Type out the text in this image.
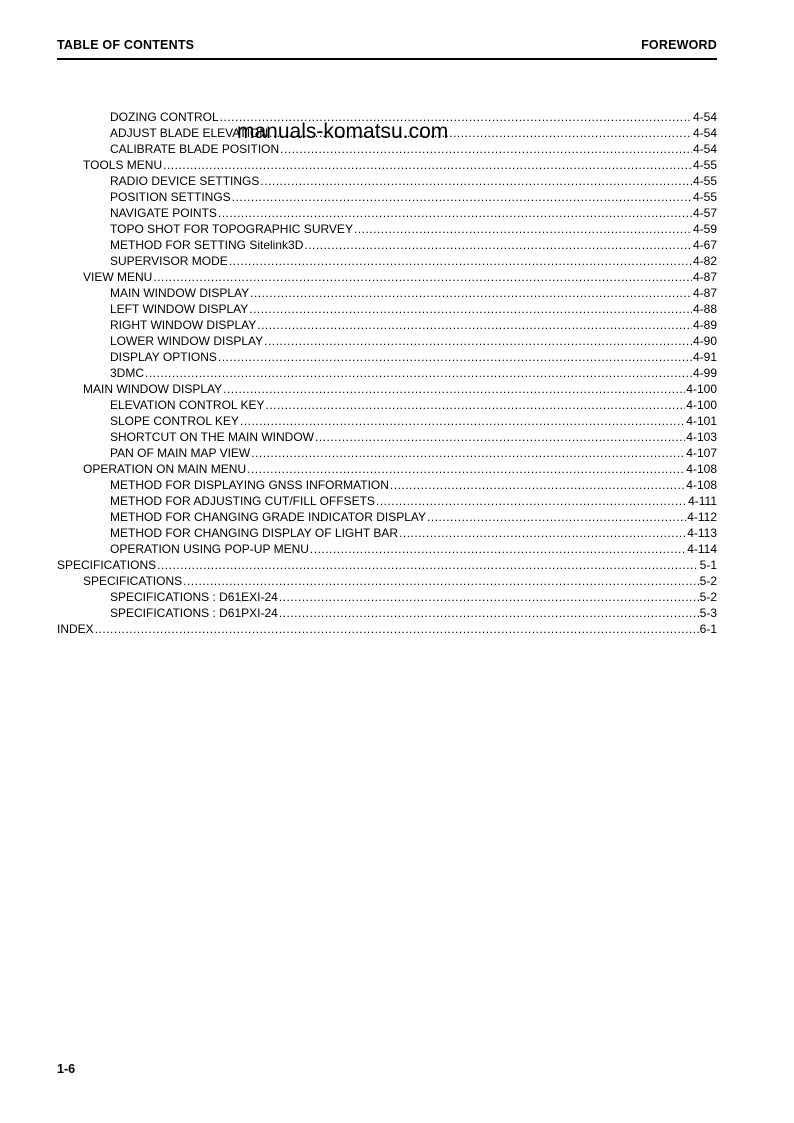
TABLE OF CONTENTS	FOREWORD
DOZING CONTROL .....	4-54
ADJUST BLADE ELEVATION .....	4-54
CALIBRATE BLADE POSITION .....	4-54
TOOLS MENU .....	4-55
RADIO DEVICE SETTINGS .....	4-55
POSITION SETTINGS .....	4-55
NAVIGATE POINTS .....	4-57
TOPO SHOT FOR TOPOGRAPHIC SURVEY .....	4-59
METHOD FOR SETTING Sitelink3D .....	4-67
SUPERVISOR MODE .....	4-82
VIEW MENU .....	4-87
MAIN WINDOW DISPLAY .....	4-87
LEFT WINDOW DISPLAY .....	4-88
RIGHT WINDOW DISPLAY .....	4-89
LOWER WINDOW DISPLAY .....	4-90
DISPLAY OPTIONS .....	4-91
3DMC .....	4-99
MAIN WINDOW DISPLAY .....	4-100
ELEVATION CONTROL KEY .....	4-100
SLOPE CONTROL KEY .....	4-101
SHORTCUT ON THE MAIN WINDOW .....	4-103
PAN OF MAIN MAP VIEW .....	4-107
OPERATION ON MAIN MENU .....	4-108
METHOD FOR DISPLAYING GNSS INFORMATION .....	4-108
METHOD FOR ADJUSTING CUT/FILL OFFSETS .....	4-111
METHOD FOR CHANGING GRADE INDICATOR DISPLAY .....	4-112
METHOD FOR CHANGING DISPLAY OF LIGHT BAR .....	4-113
OPERATION USING POP-UP MENU .....	4-114
SPECIFICATIONS .....	5-1
SPECIFICATIONS .....	5-2
SPECIFICATIONS : D61EXI-24 .....	5-2
SPECIFICATIONS : D61PXI-24 .....	5-3
INDEX .....	6-1
manuals-komatsu.com
1-6
